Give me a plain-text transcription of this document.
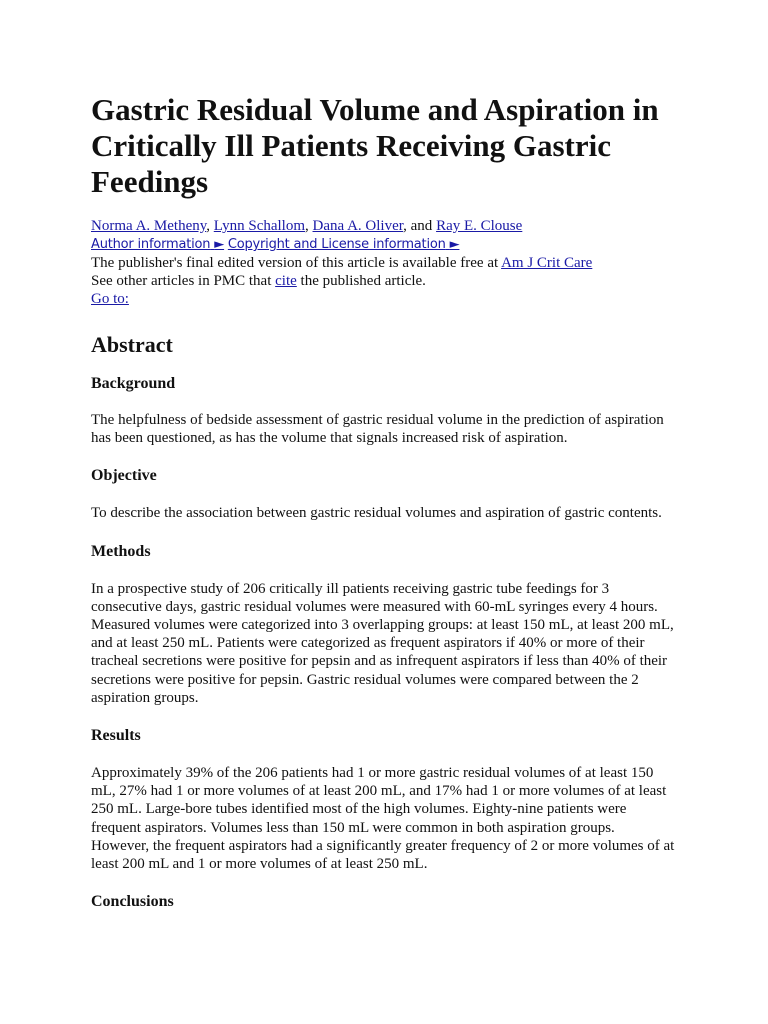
Gastric Residual Volume and Aspiration in Critically Ill Patients Receiving Gastric Feedings
Norma A. Metheny, Lynn Schallom, Dana A. Oliver, and Ray E. Clouse
Author information ► Copyright and License information ►
The publisher's final edited version of this article is available free at Am J Crit Care
See other articles in PMC that cite the published article.
Go to:
Abstract
Background

The helpfulness of bedside assessment of gastric residual volume in the prediction of aspiration
has been questioned, as has the volume that signals increased risk of aspiration.

Objective

To describe the association between gastric residual volumes and aspiration of gastric contents.

Methods

In a prospective study of 206 critically ill patients receiving gastric tube feedings for 3
consecutive days, gastric residual volumes were measured with 60-mL syringes every 4 hours.
Measured volumes were categorized into 3 overlapping groups: at least 150 mL, at least 200 mL,
and at least 250 mL. Patients were categorized as frequent aspirators if 40% or more of their
tracheal secretions were positive for pepsin and as infrequent aspirators if less than 40% of their
secretions were positive for pepsin. Gastric residual volumes were compared between the 2
aspiration groups.

Results

Approximately 39% of the 206 patients had 1 or more gastric residual volumes of at least 150
mL, 27% had 1 or more volumes of at least 200 mL, and 17% had 1 or more volumes of at least
250 mL. Large-bore tubes identified most of the high volumes. Eighty-nine patients were
frequent aspirators. Volumes less than 150 mL were common in both aspiration groups.
However, the frequent aspirators had a significantly greater frequency of 2 or more volumes of at
least 200 mL and 1 or more volumes of at least 250 mL.

Conclusions
